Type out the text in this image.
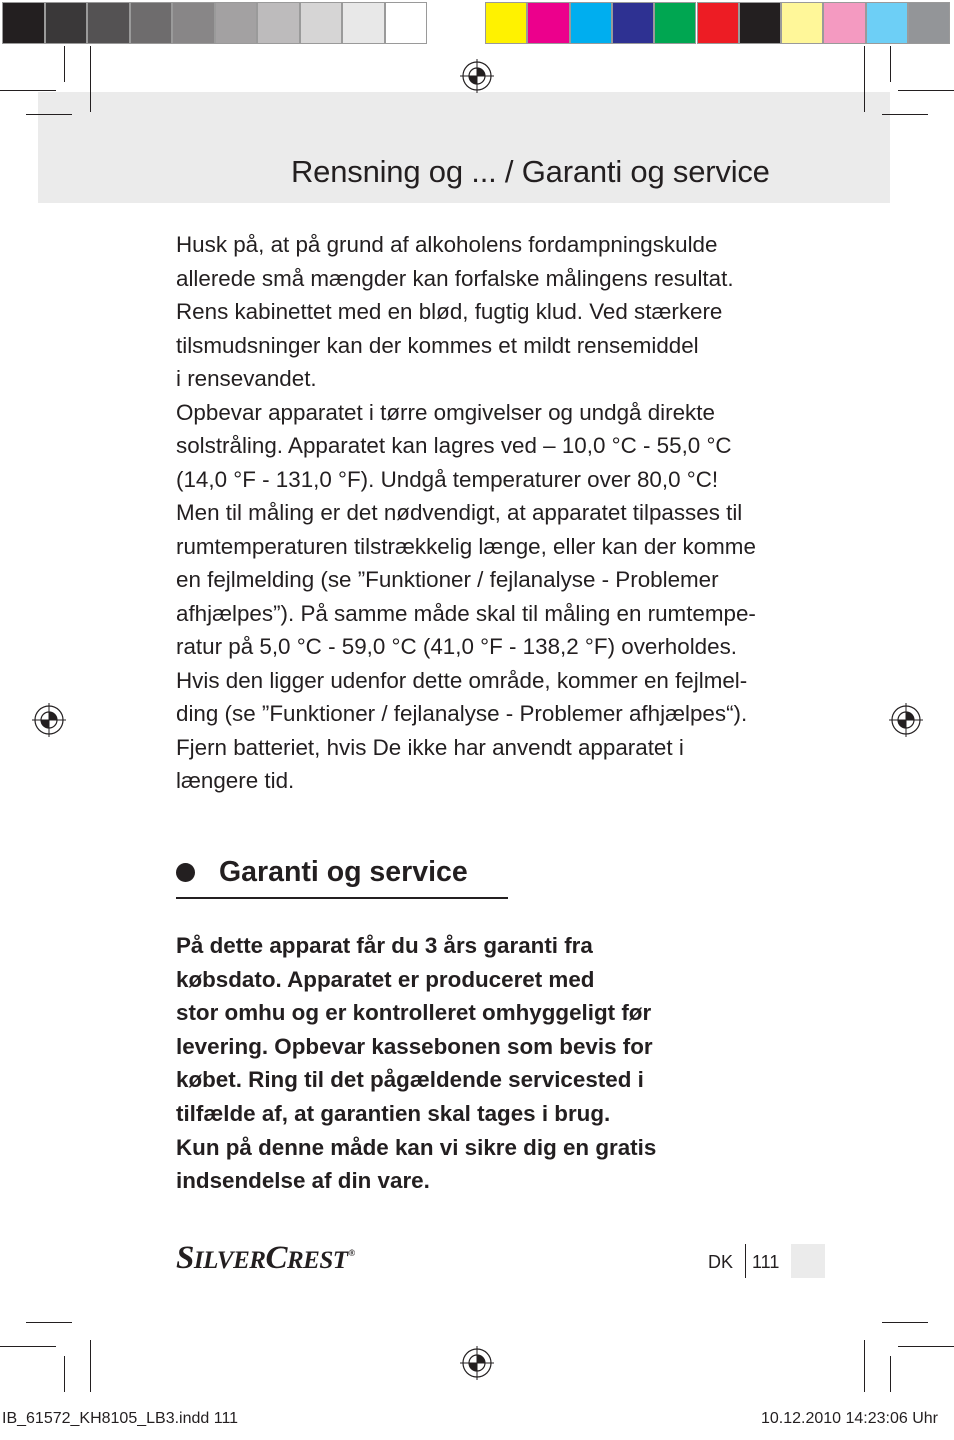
Rensning og ... / Garanti og service
Husk på, at på grund af alkoholens fordampningskulde
allerede små mængder kan forfalske målingens resultat.
Rens kabinettet med en blød, fugtig klud. Ved stærkere
tilsmudsninger kan der kommes et mildt rensemiddel
i rensevandet.
Opbevar apparatet i tørre omgivelser og undgå direkte
solstråling. Apparatet kan lagres ved – 10,0 °C - 55,0 °C
(14,0 °F - 131,0 °F). Undgå temperaturer over 80,0 °C!
Men til måling er det nødvendigt, at apparatet tilpasses til
rumtemperaturen tilstrækkelig længe, eller kan der komme
en fejlmelding (se ”Funktioner / fejlanalyse - Problemer
afhjælpes”). På samme måde skal til måling en rumtempe-
ratur på 5,0 °C - 59,0 °C (41,0 °F - 138,2 °F) overholdes.
Hvis den ligger udenfor dette område, kommer en fejlmel-
ding (se ”Funktioner / fejlanalyse - Problemer afhjælpes“).
Fjern batteriet, hvis De ikke har anvendt apparatet i
længere tid.
Garanti og service
På dette apparat får du 3 års garanti fra
købsdato. Apparatet er produceret med
stor omhu og er kontrolleret omhyggeligt før
levering. Opbevar kassebonen som bevis for
købet. Ring til det pågældende servicested i
tilfælde af, at garantien skal tages i brug.
Kun på denne måde kan vi sikre dig en gratis
indsendelse af din vare.
SILVERCREST®	DK 111
IB_61572_KH8105_LB3.indd 111	10.12.2010 14:23:06 Uhr
